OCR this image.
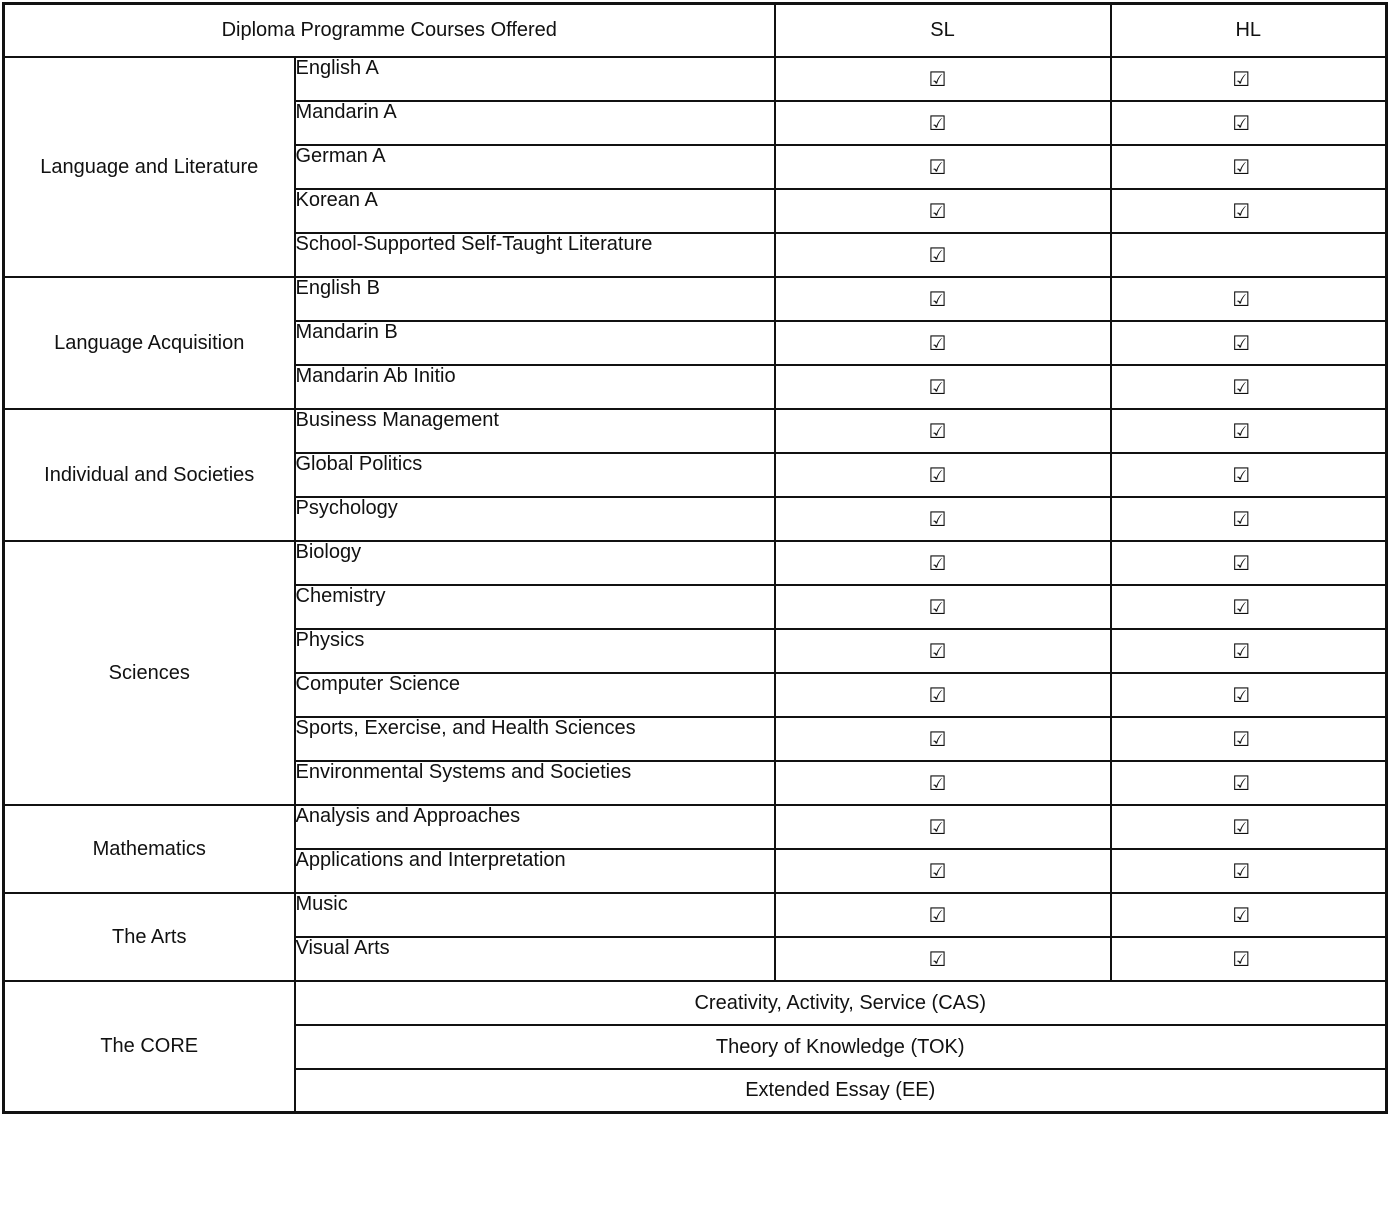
Diploma Programme Courses Offered		SL	HL
Language and Literature	English A	☑	☑
	Mandarin A	☑	☑
	German A	☑	☑
	Korean A	☑	☑
	School-Supported Self-Taught Literature	☑	
Language Acquisition	English B	☑	☑
	Mandarin B	☑	☑
	Mandarin Ab Initio	☑	☑
Individual and Societies	Business Management	☑	☑
	Global Politics	☑	☑
	Psychology	☑	☑
Sciences	Biology	☑	☑
	Chemistry	☑	☑
	Physics	☑	☑
	Computer Science	☑	☑
	Sports, Exercise, and Health Sciences	☑	☑
	Environmental Systems and Societies	☑	☑
Mathematics	Analysis and Approaches	☑	☑
	Applications and Interpretation	☑	☑
The Arts	Music	☑	☑
	Visual Arts	☑	☑
The CORE	Creativity, Activity, Service (CAS)		
	Theory of Knowledge (TOK)		
	Extended Essay (EE)		
